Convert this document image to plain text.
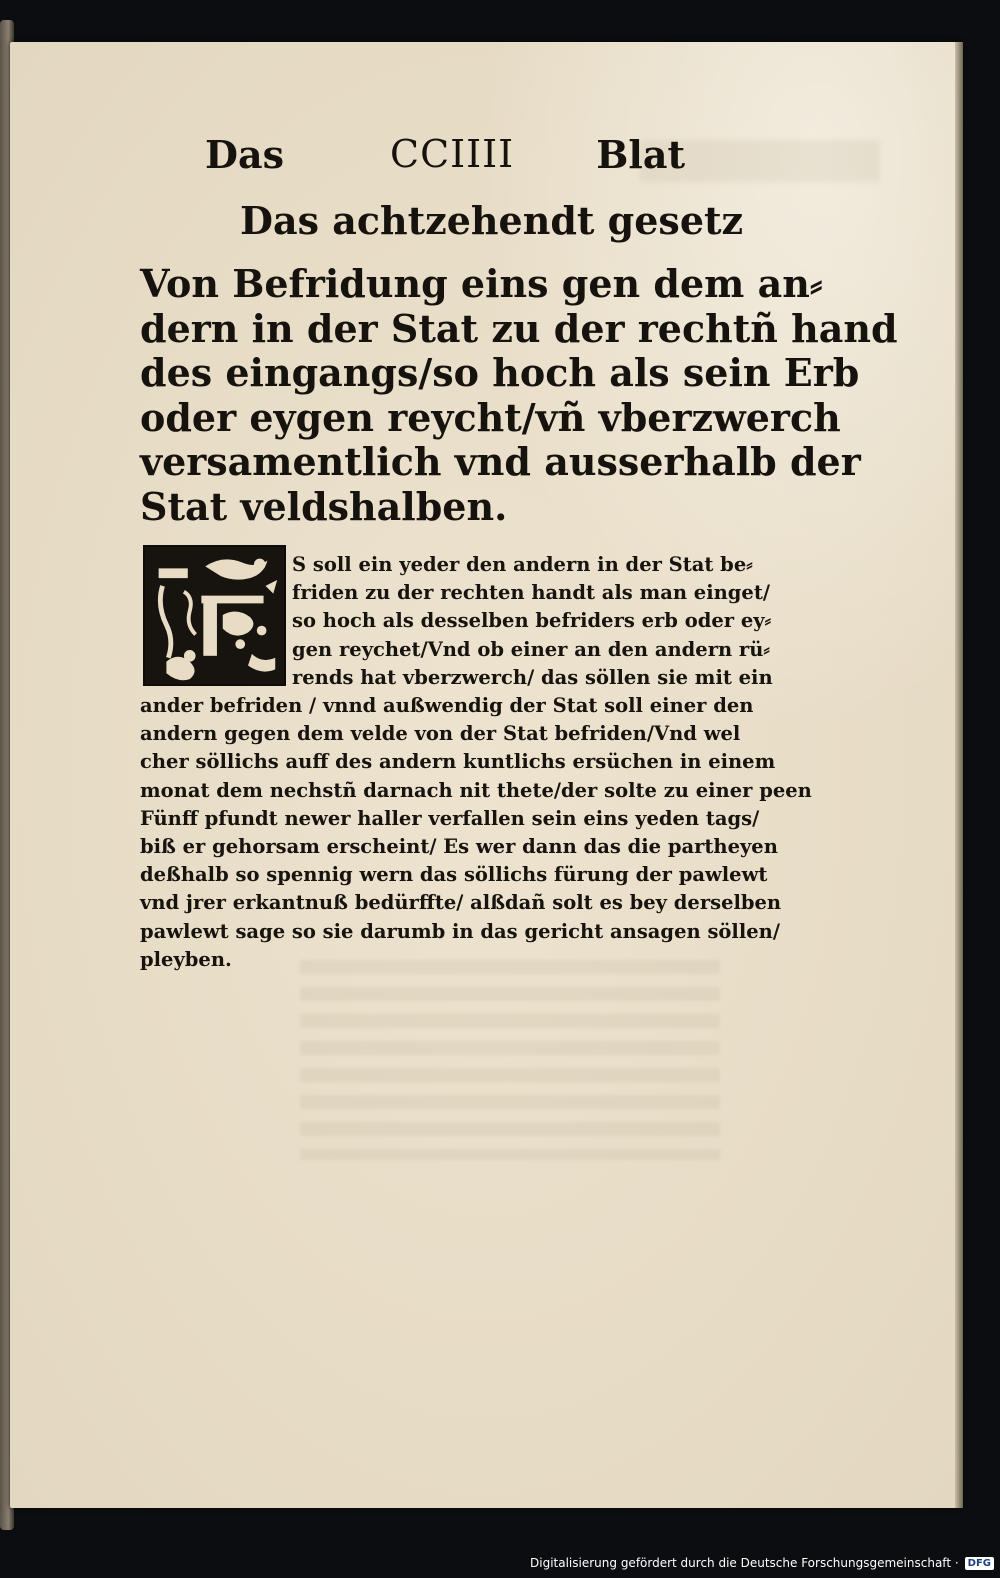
Das	CCIIII Blat
Das achtzehendt gesetz
Von Befridung eins gen dem an⸗
dern in der Stat zu der rechtñ hand
des eingangs/so hoch als sein Erb
oder eygen reycht/vñ vberzwerch
versamentlich vnd ausserhalb der
Stat veldshalben.
S soll ein yeder den andern in der Stat be⸗
friden zu der rechten handt als man einget/
so hoch als desselben befriders erb oder ey⸗
gen reychet/Vnd ob einer an den andern rü⸗
rends hat vberzwerch/ das söllen sie mit ein
ander befriden / vnnd außwendig der Stat soll einer den
andern gegen dem velde von der Stat befriden/Vnd wel
cher söllichs auff des andern kuntlichs ersüchen in einem
monat dem nechstñ darnach nit thete/der solte zu einer peen
Fünff pfundt newer haller verfallen sein eins yeden tags/
biß er gehorsam erscheint/ Es wer dann das die partheyen
deßhalb so spennig wern das söllichs fürung der pawlewt
vnd jrer erkantnuß bedürffte/ alßdañ solt es bey derselben
pawlewt sage so sie darumb in das gericht ansagen söllen/
pleyben.
Digitalisierung gefördert durch die Deutsche Forschungsgemeinschaft · DFG
